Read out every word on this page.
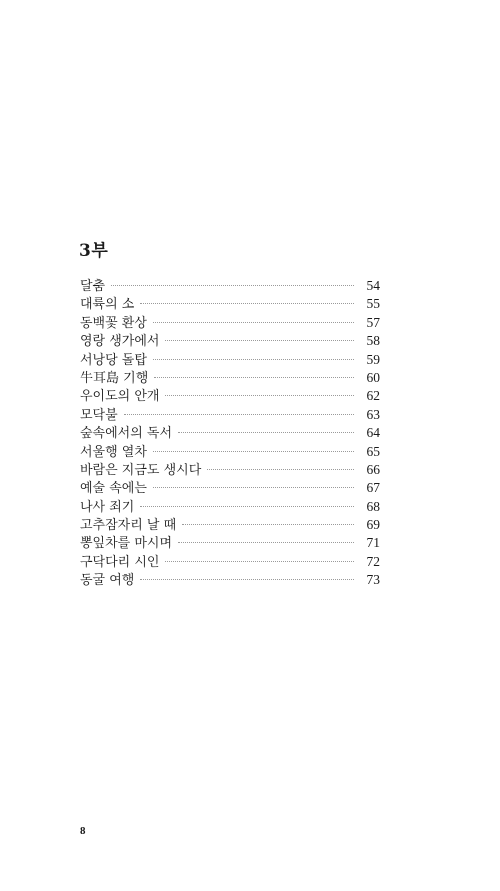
3부
달춤	54
대륙의 소	55
동백꽃 환상	57
영랑 생가에서	58
서낭당 돌탑	59
牛耳島 기행	60
우이도의 안개	62
모닥불	63
숲속에서의 독서	64
서울행 열차	65
바람은 지금도 생시다	66
예술 속에는	67
나사 죄기	68
고추잠자리 날 때	69
뽕잎차를 마시며	71
구닥다리 시인	72
동굴 여행	73
8
